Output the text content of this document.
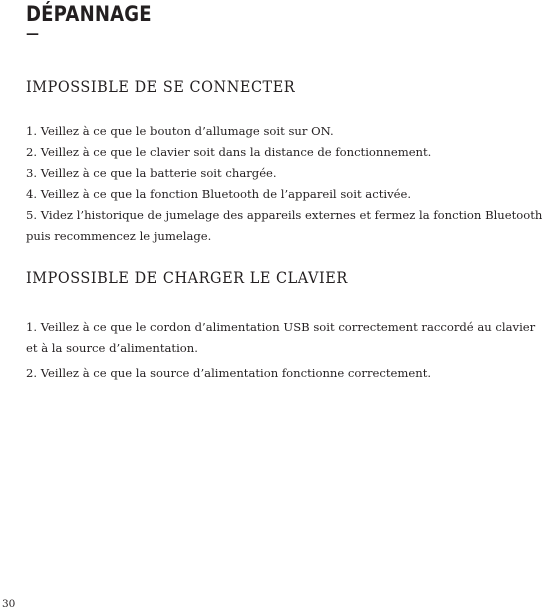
DÉPANNAGE
—
IMPOSSIBLE DE SE CONNECTER
1. Veillez à ce que le bouton d’allumage soit sur ON.
2. Veillez à ce que le clavier soit dans la distance de fonctionnement.
3. Veillez à ce que la batterie soit chargée.
4. Veillez à ce que la fonction Bluetooth de l’appareil soit activée.
5. Videz l’historique de jumelage des appareils externes et fermez la fonction Bluetooth puis recommencez le jumelage.
IMPOSSIBLE DE CHARGER LE CLAVIER
1. Veillez à ce que le cordon d’alimentation USB soit correctement raccordé au clavier et à la source d’alimentation.
2. Veillez à ce que la source d’alimentation fonctionne correctement.
30
